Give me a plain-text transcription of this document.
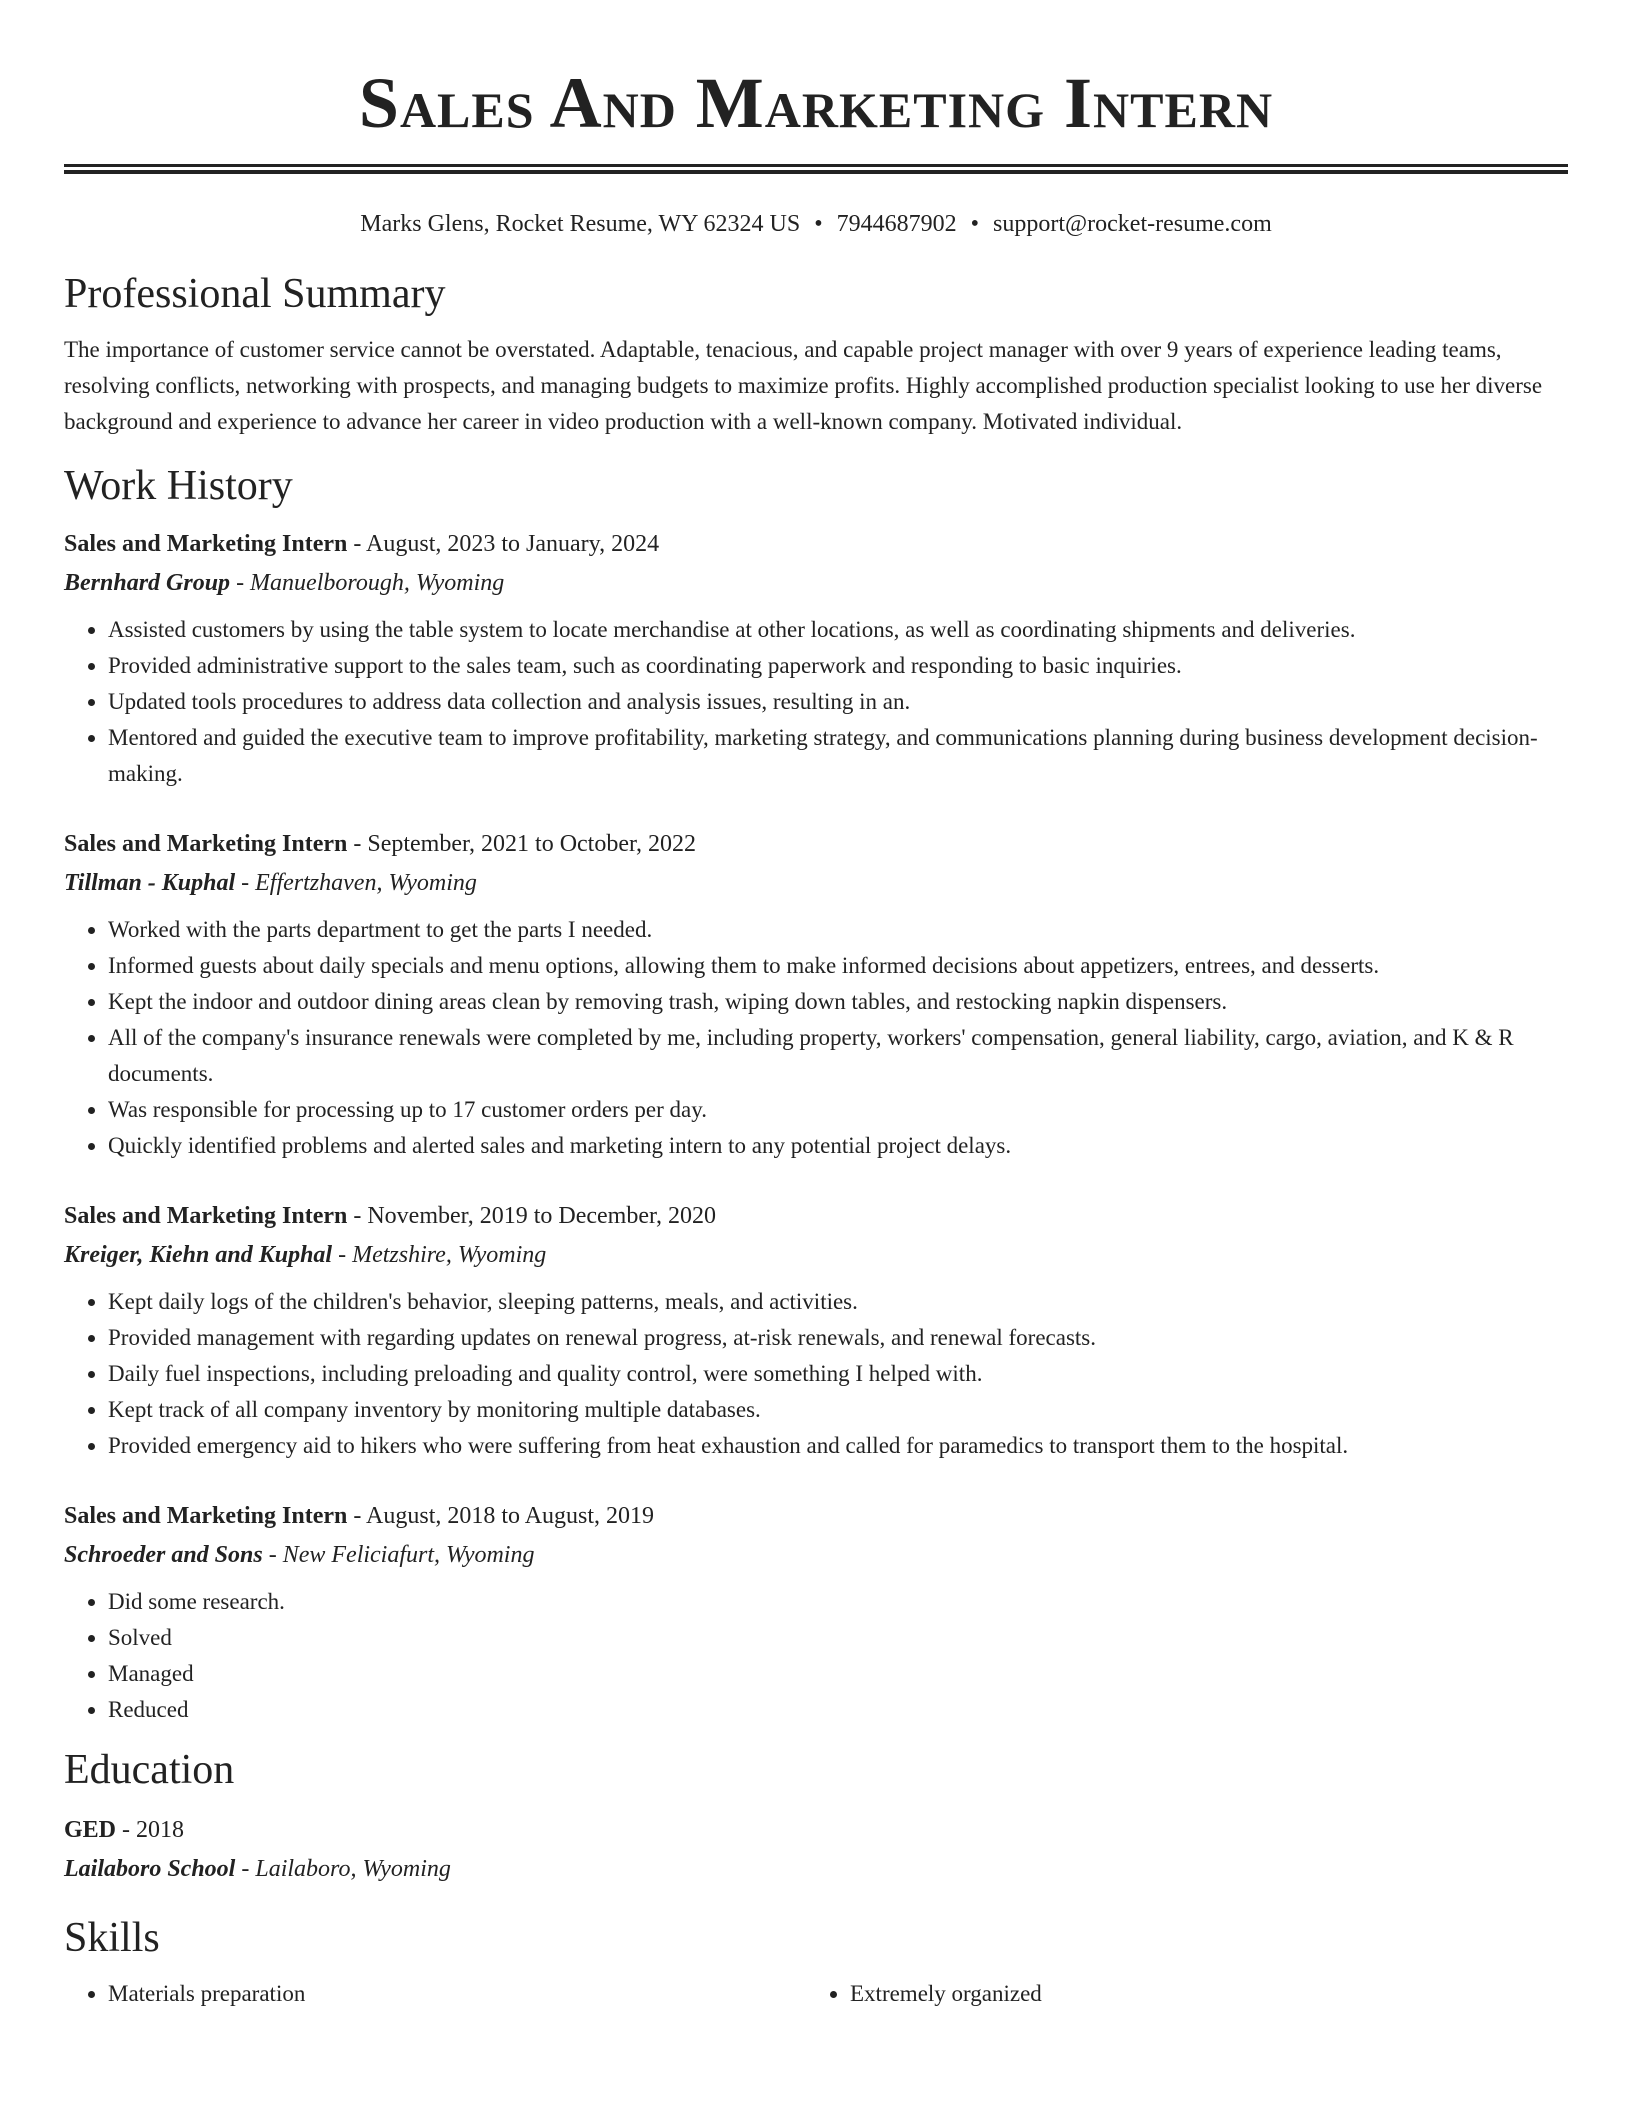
Sales And Marketing Intern
Marks Glens, Rocket Resume, WY 62324 US • 7944687902 • support@rocket-resume.com
Professional Summary

The importance of customer service cannot be overstated. Adaptable, tenacious, and capable project manager with over 9 years of experience leading teams, resolving conflicts, networking with prospects, and managing budgets to maximize profits. Highly accomplished production specialist looking to use her diverse background and experience to advance her career in video production with a well-known company. Motivated individual.

Work History
Sales and Marketing Intern - August, 2023 to January, 2024
Bernhard Group - Manuelborough, Wyoming
• Assisted customers by using the table system to locate merchandise at other locations, as well as coordinating shipments and deliveries.
• Provided administrative support to the sales team, such as coordinating paperwork and responding to basic inquiries.
• Updated tools procedures to address data collection and analysis issues, resulting in an.
• Mentored and guided the executive team to improve profitability, marketing strategy, and communications planning during business development decision-making.
Sales and Marketing Intern - September, 2021 to October, 2022
Tillman - Kuphal - Effertzhaven, Wyoming
• Worked with the parts department to get the parts I needed.
• Informed guests about daily specials and menu options, allowing them to make informed decisions about appetizers, entrees, and desserts.
• Kept the indoor and outdoor dining areas clean by removing trash, wiping down tables, and restocking napkin dispensers.
• All of the company's insurance renewals were completed by me, including property, workers' compensation, general liability, cargo, aviation, and K & R documents.
• Was responsible for processing up to 17 customer orders per day.
• Quickly identified problems and alerted sales and marketing intern to any potential project delays.
Sales and Marketing Intern - November, 2019 to December, 2020
Kreiger, Kiehn and Kuphal - Metzshire, Wyoming
• Kept daily logs of the children's behavior, sleeping patterns, meals, and activities.
• Provided management with regarding updates on renewal progress, at-risk renewals, and renewal forecasts.
• Daily fuel inspections, including preloading and quality control, were something I helped with.
• Kept track of all company inventory by monitoring multiple databases.
• Provided emergency aid to hikers who were suffering from heat exhaustion and called for paramedics to transport them to the hospital.
Sales and Marketing Intern - August, 2018 to August, 2019
Schroeder and Sons - New Feliciafurt, Wyoming
• Did some research.
• Solved
• Managed
• Reduced
Education
GED - 2018
Lailaboro School - Lailaboro, Wyoming
Skills
• Materials preparation
•	Extremely organized
